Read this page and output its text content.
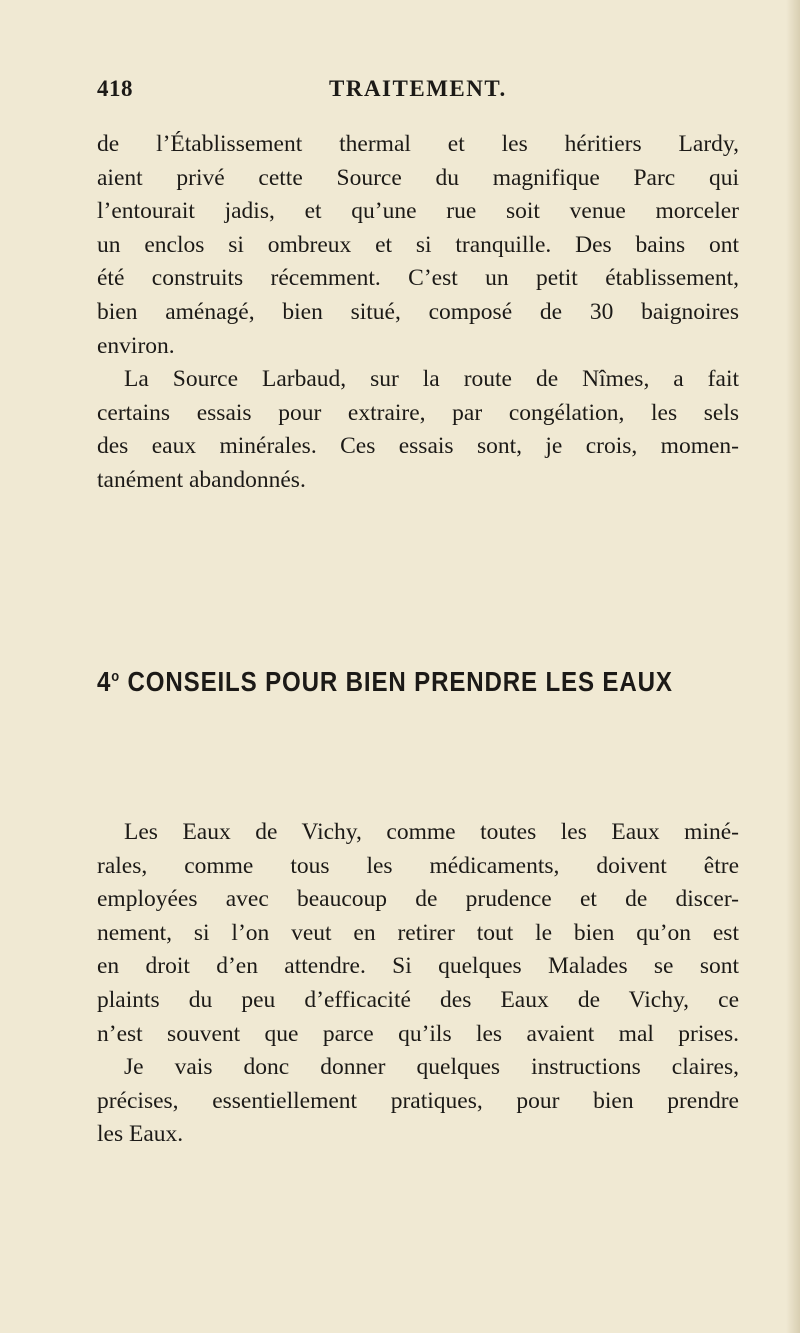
418	TRAITEMENT.
de l’Établissement thermal et les héritiers Lardy,
aient privé cette Source du magnifique Parc qui
l’entourait jadis, et qu’une rue soit venue morceler
un enclos si ombreux et si tranquille. Des bains ont
été construits récemment. C’est un petit établissement,
bien aménagé, bien situé, composé de 30 baignoires
environ.
La Source Larbaud, sur la route de Nîmes, a fait
certains essais pour extraire, par congélation, les sels
des eaux minérales. Ces essais sont, je crois, momen-
tanément abandonnés.
4$^o$ CONSEILS POUR BIEN PRENDRE LES EAUX
Les Eaux de Vichy, comme toutes les Eaux miné-
rales, comme tous les médicaments, doivent être
employées avec beaucoup de prudence et de discer-
nement, si l’on veut en retirer tout le bien qu’on est
en droit d’en attendre. Si quelques Malades se sont
plaints du peu d’efficacité des Eaux de Vichy, ce
n’est souvent que parce qu’ils les avaient mal prises.
Je vais donc donner quelques instructions claires,
précises, essentiellement pratiques, pour bien prendre
les Eaux.
